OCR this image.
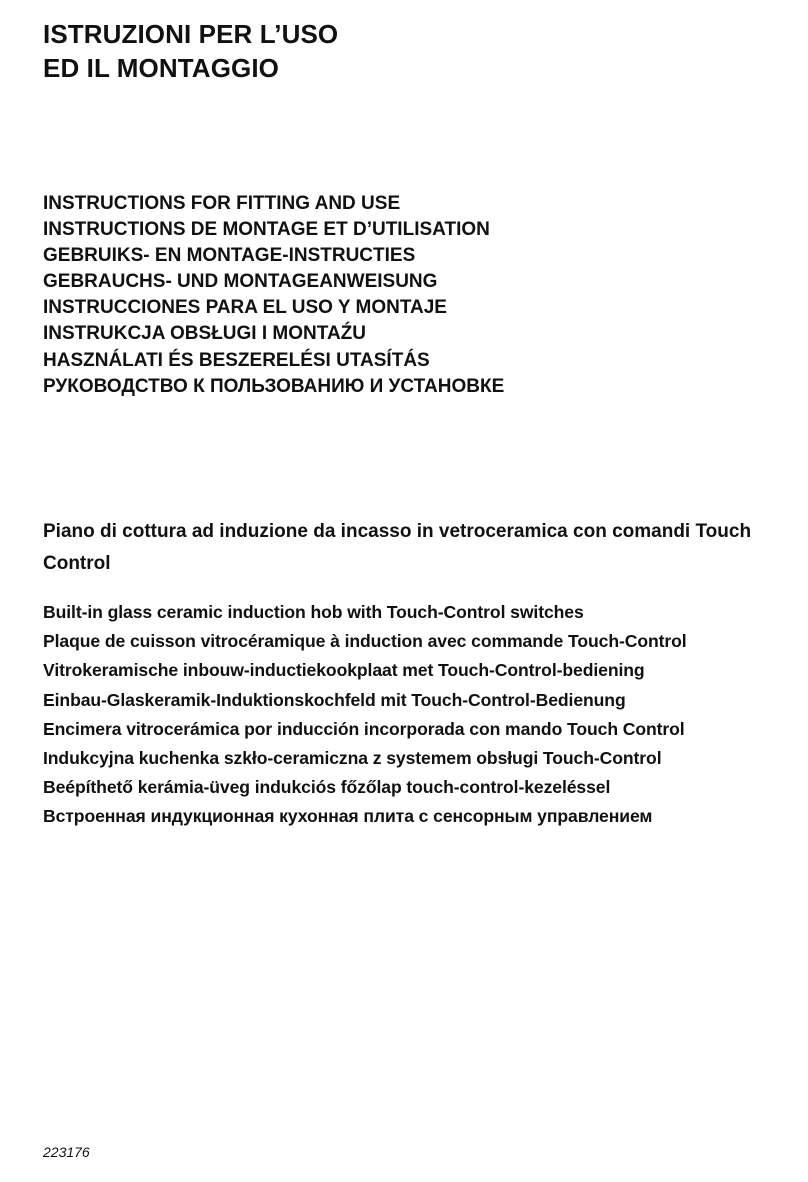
ISTRUZIONI PER L’USO
ED IL MONTAGGIO
INSTRUCTIONS FOR FITTING AND USE
INSTRUCTIONS DE MONTAGE ET D’UTILISATION
GEBRUIKS- EN MONTAGE-INSTRUCTIES
GEBRAUCHS- UND MONTAGEANWEISUNG
INSTRUCCIONES PARA EL USO Y MONTAJE
INSTRUKCJA OBSŁUGI I MONTAŹU
HASZNÁLATI ÉS BESZERELÉSI UTASÍTÁS
РУКОВОДСТВО К ПОЛЬЗОВАНИЮ И УСТАНОВКЕ

Piano di cottura ad induzione da incasso in vetroceramica con comandi Touch Control

Built-in glass ceramic induction hob with Touch-Control switches
Plaque de cuisson vitrocéramique à induction avec commande Touch-Control
Vitrokeramische inbouw-inductiekookplaat met Touch-Control-bediening
Einbau-Glaskeramik-Induktionskochfeld mit Touch-Control-Bedienung
Encimera vitrocerámica por inducción incorporada con mando Touch Control
Indukcyjna kuchenka szkło-ceramiczna z systemem obsługi Touch-Control
Beépíthető kerámia-üveg indukciós főzőlap touch-control-kezeléssel
Встроенная индукционная кухонная плита с сенсорным управлением

223176
